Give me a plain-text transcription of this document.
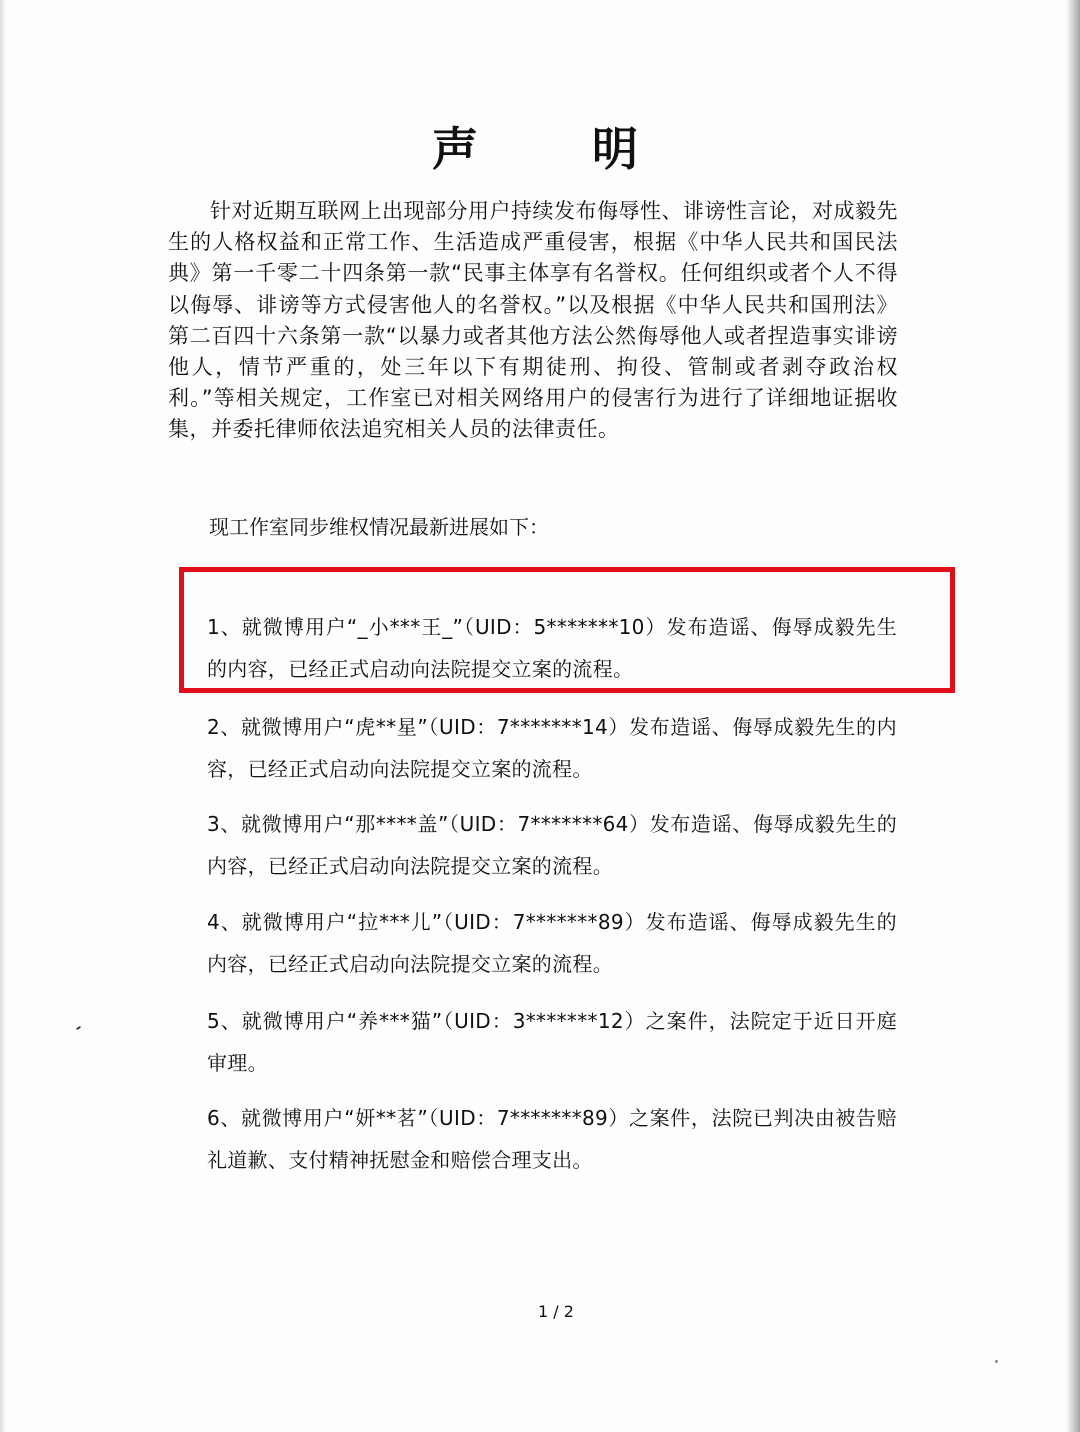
声　明

针对近期互联网上出现部分用户持续发布侮辱性、诽谤性言论，对成毅先生的人格权益和正常工作、生活造成严重侵害，根据《中华人民共和国民法典》第一千零二十四条第一款“民事主体享有名誉权。任何组织或者个人不得以侮辱、诽谤等方式侵害他人的名誉权。”以及根据《中华人民共和国刑法》第二百四十六条第一款“以暴力或者其他方法公然侮辱他人或者捏造事实诽谤他人，情节严重的，处三年以下有期徒刑、拘役、管制或者剥夺政治权利。”等相关规定，工作室已对相关网络用户的侵害行为进行了详细地证据收集，并委托律师依法追究相关人员的法律责任。

现工作室同步维权情况最新进展如下：

1、就微博用户“_小***王_”（UID：5*******10）发布造谣、侮辱成毅先生的内容，已经正式启动向法院提交立案的流程。

2、就微博用户“虎**星”（UID：7*******14）发布造谣、侮辱成毅先生的内容，已经正式启动向法院提交立案的流程。

3、就微博用户“那****盖”（UID：7*******64）发布造谣、侮辱成毅先生的内容，已经正式启动向法院提交立案的流程。

4、就微博用户“拉***儿”（UID：7*******89）发布造谣、侮辱成毅先生的内容，已经正式启动向法院提交立案的流程。

5、就微博用户“养***猫”（UID：3*******12）之案件，法院定于近日开庭审理。

6、就微博用户“妍**茗”（UID：7*******89）之案件，法院已判决由被告赔礼道歉、支付精神抚慰金和赔偿合理支出。

1 / 2
